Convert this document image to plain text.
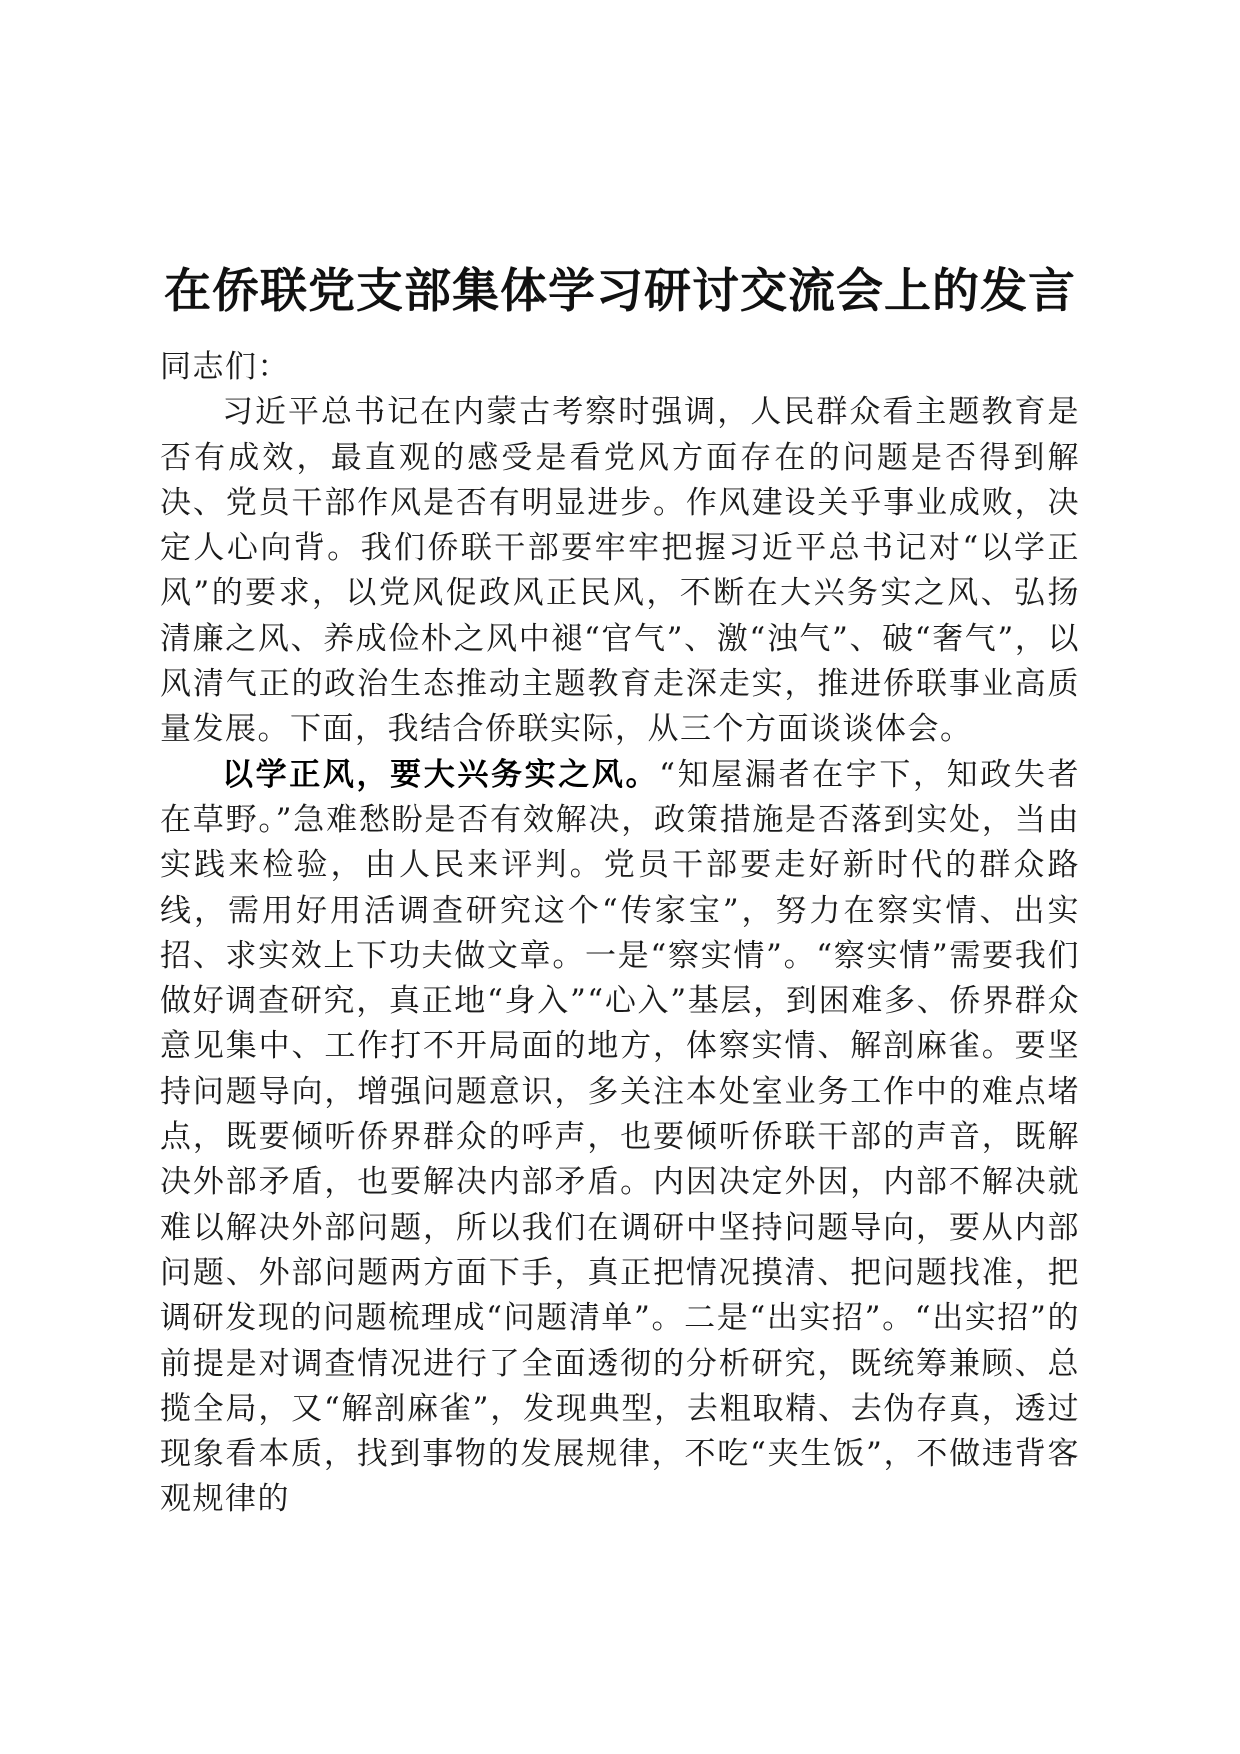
在侨联党支部集体学习研讨交流会上的发言

同志们：

习近平总书记在内蒙古考察时强调，人民群众看主题教育是否有成效，最直观的感受是看党风方面存在的问题是否得到解决、党员干部作风是否有明显进步。作风建设关乎事业成败，决定人心向背。我们侨联干部要牢牢把握习近平总书记对“以学正风”的要求，以党风促政风正民风，不断在大兴务实之风、弘扬清廉之风、养成俭朴之风中褪“官气”、激“浊气”、破“奢气”，以风清气正的政治生态推动主题教育走深走实，推进侨联事业高质量发展。下面，我结合侨联实际，从三个方面谈谈体会。

以学正风，要大兴务实之风。“知屋漏者在宇下，知政失者在草野。”急难愁盼是否有效解决，政策措施是否落到实处，当由实践来检验，由人民来评判。党员干部要走好新时代的群众路线，需用好用活调查研究这个“传家宝”，努力在察实情、出实招、求实效上下功夫做文章。一是“察实情”。“察实情”需要我们做好调查研究，真正地“身入”“心入”基层，到困难多、侨界群众意见集中、工作打不开局面的地方，体察实情、解剖麻雀。要坚持问题导向，增强问题意识，多关注本处室业务工作中的难点堵点，既要倾听侨界群众的呼声，也要倾听侨联干部的声音，既解决外部矛盾，也要解决内部矛盾。内因决定外因，内部不解决就难以解决外部问题，所以我们在调研中坚持问题导向，要从内部问题、外部问题两方面下手，真正把情况摸清、把问题找准，把调研发现的问题梳理成“问题清单”。二是“出实招”。“出实招”的前提是对调查情况进行了全面透彻的分析研究，既统筹兼顾、总揽全局，又“解剖麻雀”，发现典型，去粗取精、去伪存真，透过现象看本质，找到事物的发展规律，不吃“夹生饭”，不做违背客观规律的
